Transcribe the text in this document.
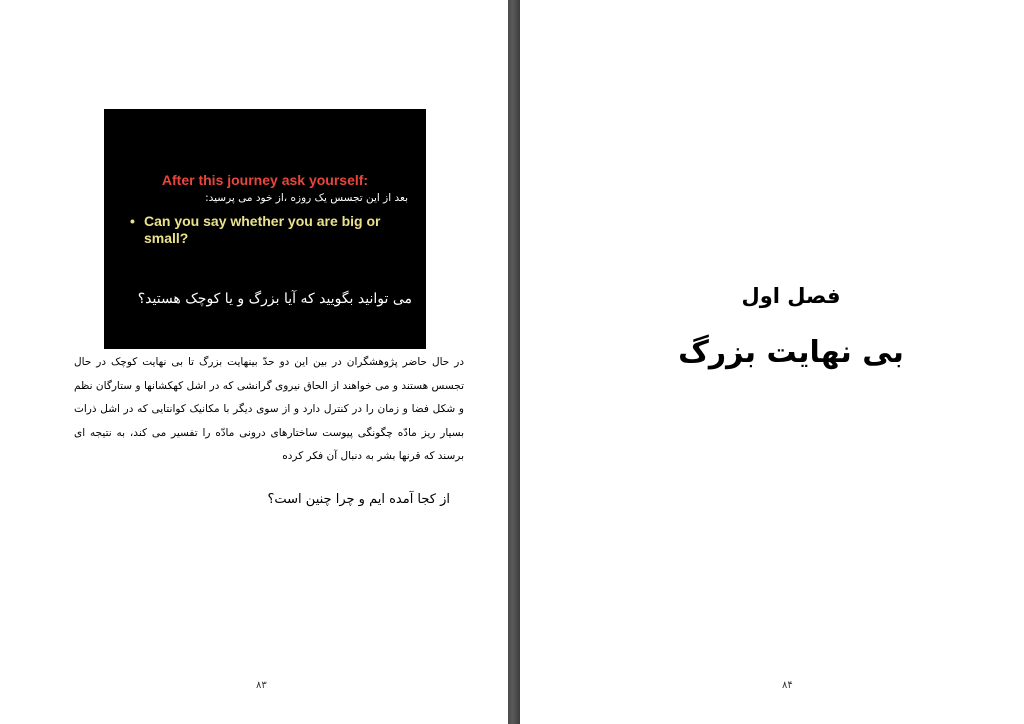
After this journey ask yourself:
بعد از این تجسس یک روزه ،از خود می پرسید:
• Can you say whether you are big or small?
می توانید بگویید که آیا بزرگ و یا کوچک هستید؟
در حال حاضر پژوهشگران در بین این دو حدّ بینهایت بزرگ تا بی نهایت کوچک در حال تجسس هستند و می خواهند از الحاق نیروی گرانشی که در اشل کهکشانها و ستارگان نظم و شکل فضا و زمان را در کنترل دارد و از سوی دیگر با مکانیک کوانتایی که در اشل ذرات بسیار ریز مادّه چگونگی پیوست ساختارهای درونی مادّه را تفسیر می کند، به نتیجه ای برسند که قرنها بشر به دنبال آن فکر کرده
از کجا آمده ایم و چرا چنین است؟
۸۳
فصل اول
بی نهایت بزرگ
۸۴
